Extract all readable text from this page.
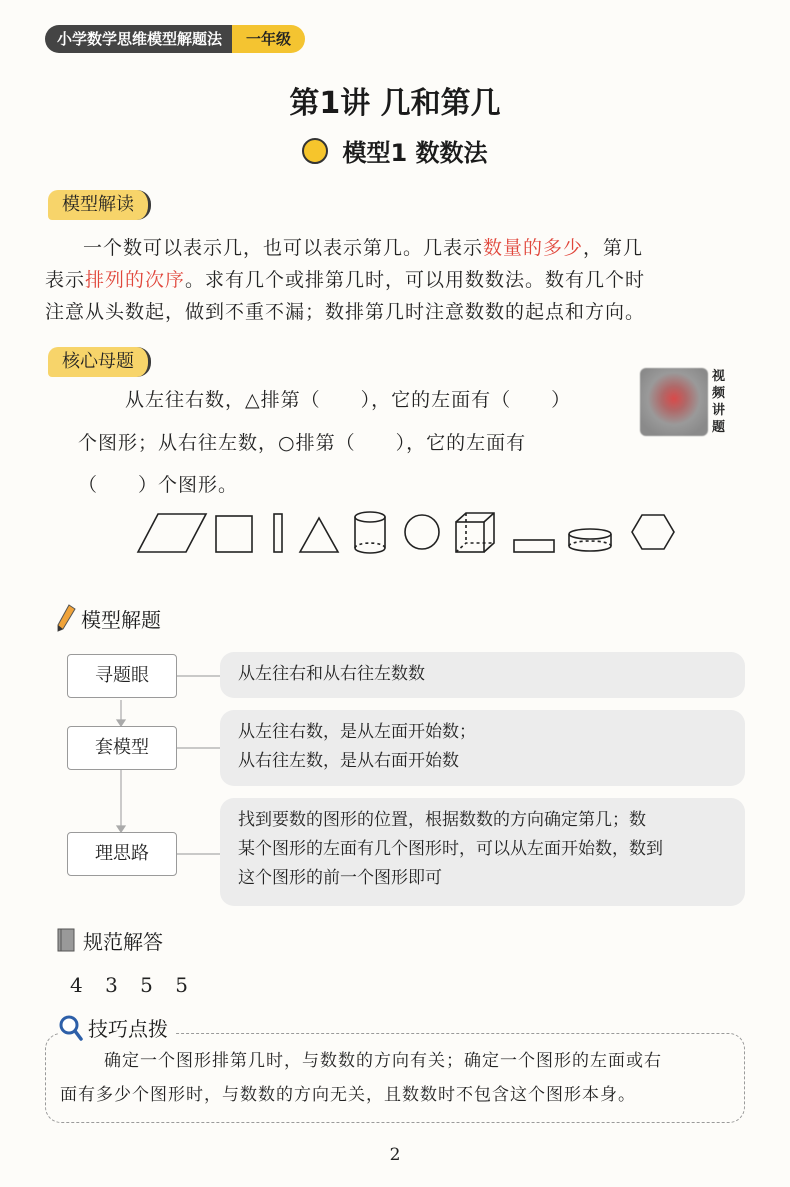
小学数学思维模型解题法	一年级
第1讲 几和第几
模型1 数数法
模型解读
一个数可以表示几，也可以表示第几。几表示数量的多少，第几
表示排列的次序。求有几个或排第几时，可以用数数法。数有几个时
注意从头数起，做到不重不漏；数排第几时注意数数的起点和方向。
核心母题
从左往右数，△排第（　　），它的左面有（　　）
个图形；从右往左数，○排第（　　），它的左面有
（　　）个图形。
视频讲题
模型解题
寻题眼	从左往右和从右往左数数
套模型
从左往右数，是从左面开始数；
从右往左数，是从右面开始数
理思路
找到要数的图形的位置，根据数数的方向确定第几；数
某个图形的左面有几个图形时，可以从左面开始数，数到
这个图形的前一个图形即可
规范解答
4 3 5 5
确定一个图形排第几时，与数数的方向有关；确定一个图形的左面或右
面有多少个图形时，与数数的方向无关，且数数时不包含这个图形本身。
技巧点拨
2
